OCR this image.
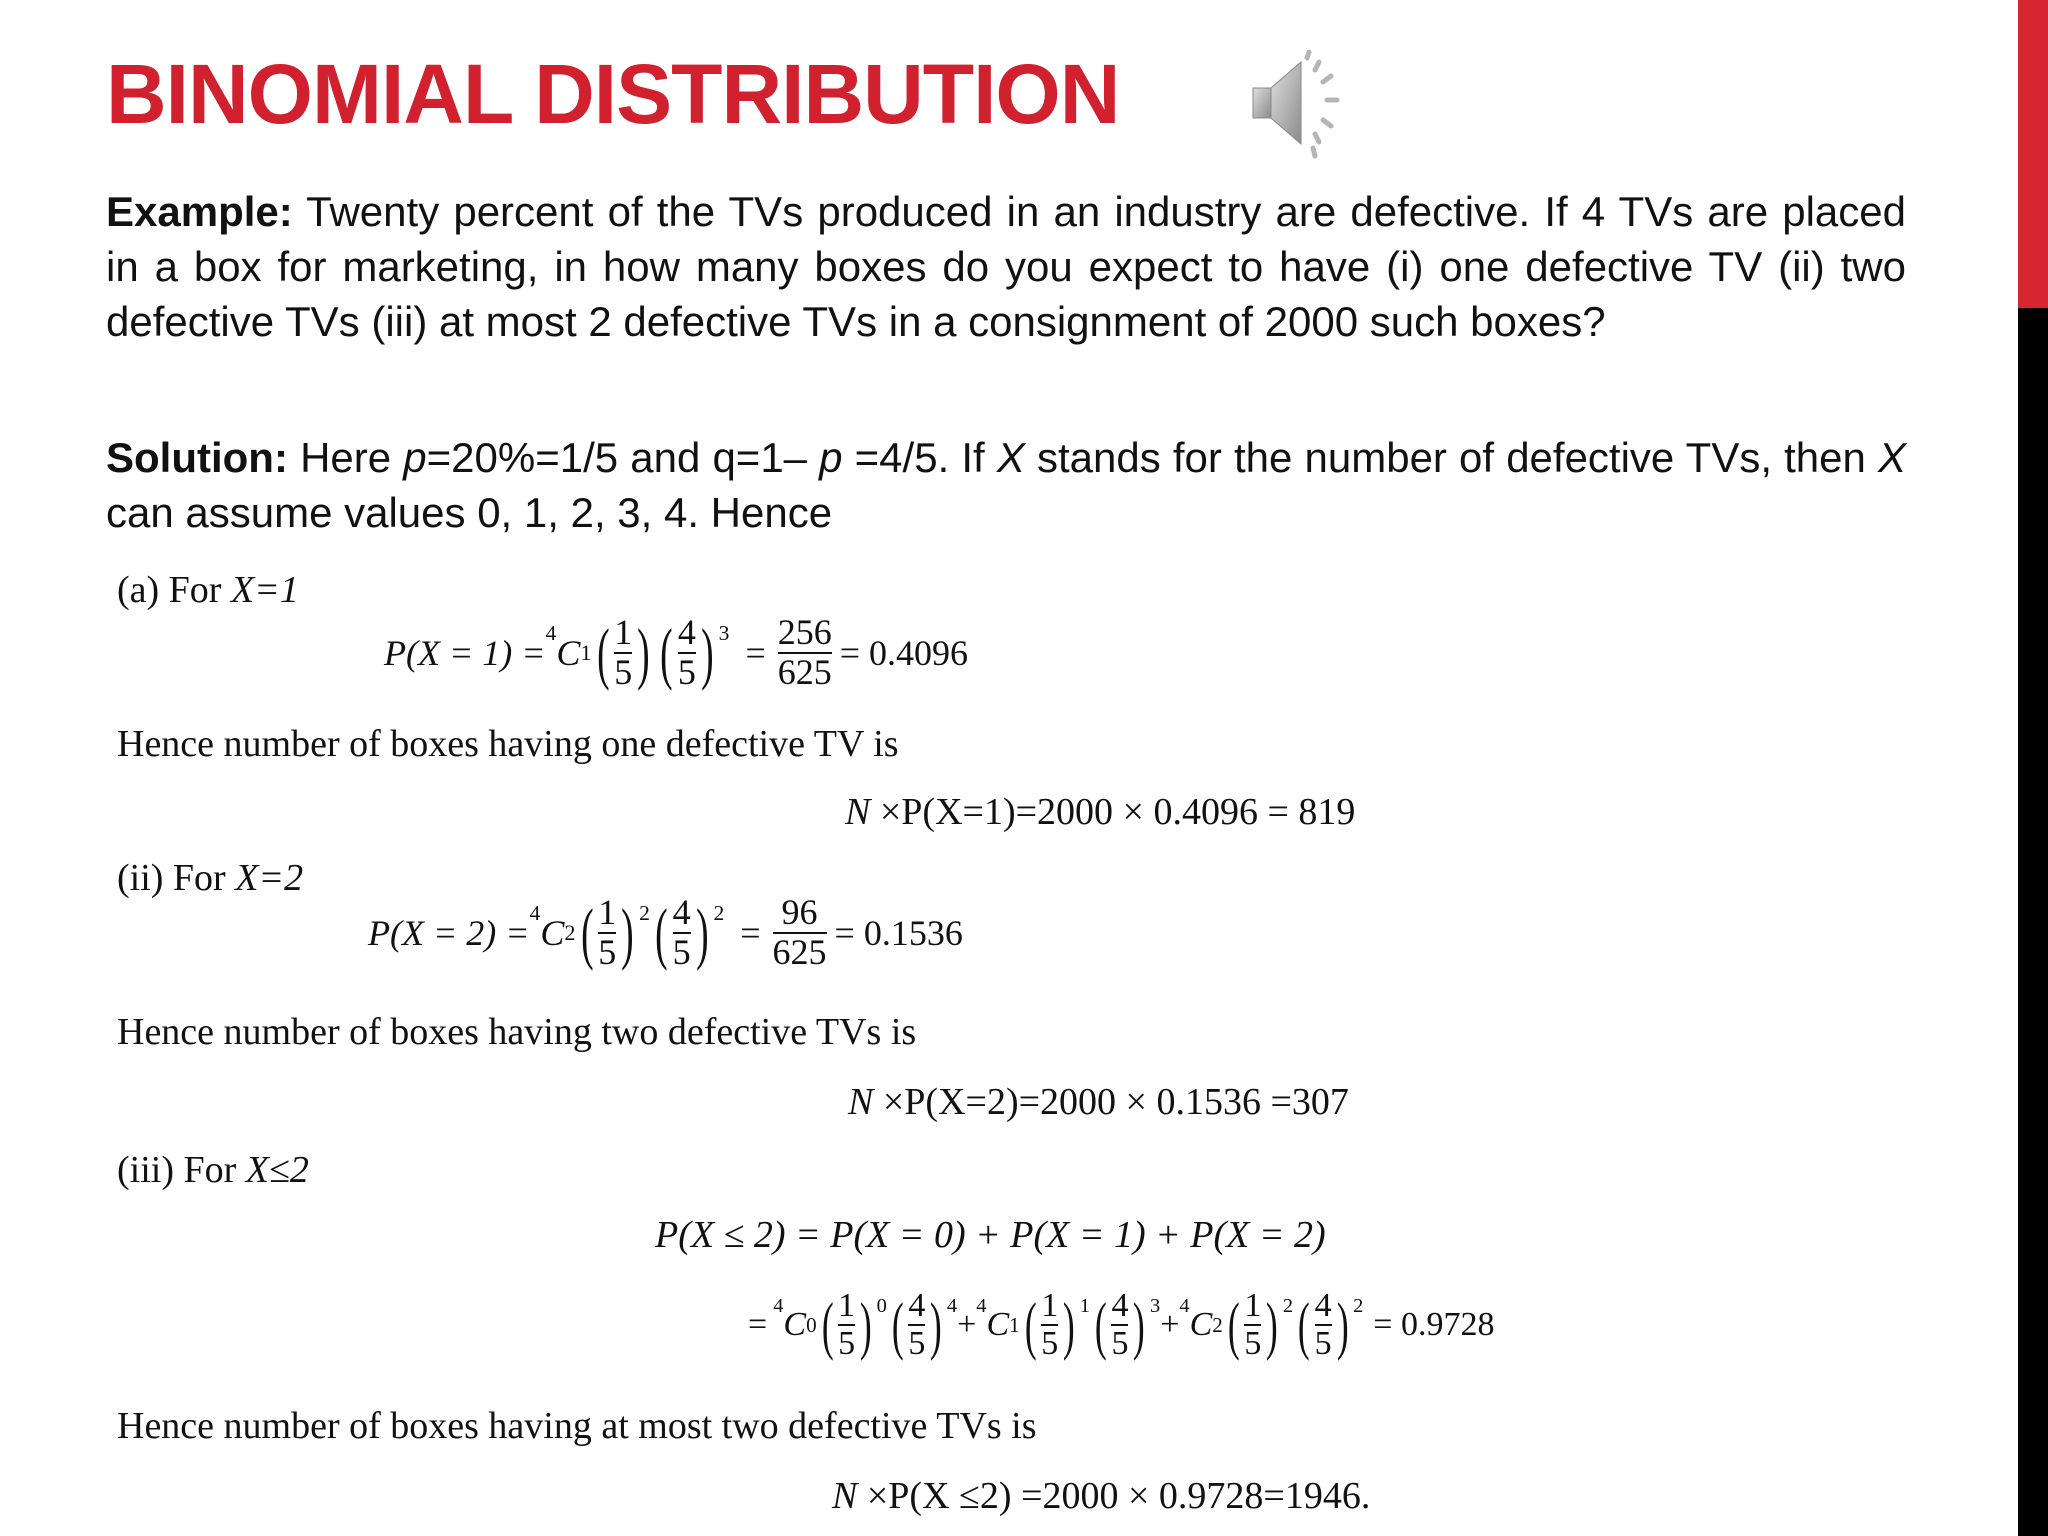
BINOMIAL DISTRIBUTION
Example: Twenty percent of the TVs produced in an industry are defective. If 4 TVs are placed in a box for marketing, in how many boxes do you expect to have (i) one defective TV (ii) two defective TVs (iii) at most 2 defective TVs in a consignment of 2000 such boxes?
Solution: Here p=20%=1/5 and q=1– p =4/5. If X stands for the number of defective TVs, then X can assume values 0, 1, 2, 3, 4. Hence
(a) For X=1
P(X = 1) = 4 C 1 ( $\frac{1}{5}$ ) ( $\frac{4}{5}$ ) $3 = \frac{256}{625} = 0.4096$
Hence number of boxes having one defective TV is
N ×P(X=1)=2000 × 0.4096 = 819
(ii) For X=2
P(X = 2) = 4 C 2 ( $\frac{1}{5}$ ) 2 ( $\frac{4}{5}$ ) $2 = \frac{96}{625} = 0.1536$
Hence number of boxes having two defective TVs is
N ×P(X=2)=2000 × 0.1536 =307
(iii) For X≤2
P(X ≤ 2) = P(X = 0) + P(X = 1) + P(X = 2)
= 4 C 0 ( $\frac{1}{5}$ ) 0 ( $\frac{4}{5}$ ) 4 + 4 C 1 ( $\frac{1}{5}$ ) 1 ( $\frac{4}{5}$ ) 3 + 4 C 2 ( $\frac{1}{5}$ ) 2 ( $\frac{4}{5}$ ) 2 = 0.9728
Hence number of boxes having at most two defective TVs is
N ×P(X ≤2) =2000 × 0.9728=1946.
